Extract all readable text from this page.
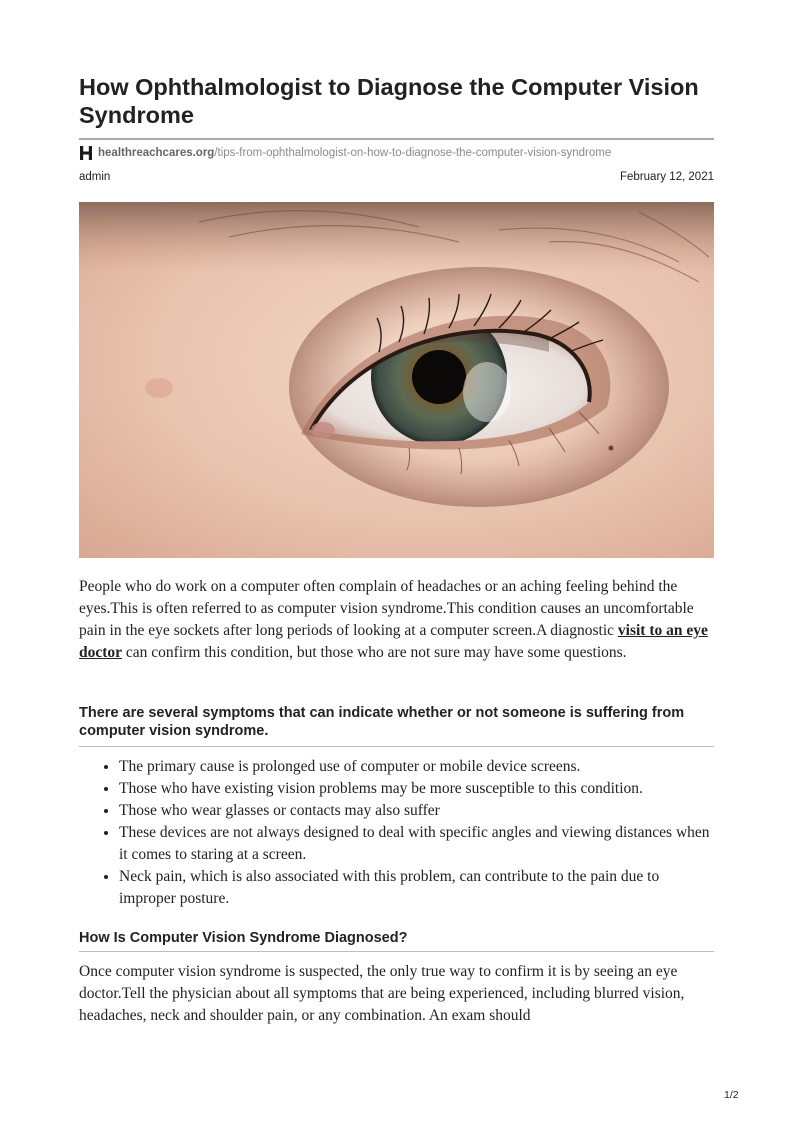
How Ophthalmologist to Diagnose the Computer Vision Syndrome
healthreachcares.org /tips-from-ophthalmologist-on-how-to-diagnose-the-computer-vision-syndrome
admin	February 12, 2021

People who do work on a computer often complain of headaches or an aching feeling behind the eyes.This is often referred to as computer vision syndrome.This condition causes an uncomfortable pain in the eye sockets after long periods of looking at a computer screen.A diagnostic visit to an eye doctor can confirm this condition, but those who are not sure may have some questions.

There are several symptoms that can indicate whether or not someone is suffering from computer vision syndrome.
• The primary cause is prolonged use of computer or mobile device screens.
• Those who have existing vision problems may be more susceptible to this condition.
• Those who wear glasses or contacts may also suffer
• These devices are not always designed to deal with specific angles and viewing distances when it comes to staring at a screen.
• Neck pain, which is also associated with this problem, can contribute to the pain due to improper posture.
How Is Computer Vision Syndrome Diagnosed?

Once computer vision syndrome is suspected, the only true way to confirm it is by seeing an eye doctor.Tell the physician about all symptoms that are being experienced, including blurred vision, headaches, neck and shoulder pain, or any combination. An exam should

1/2
